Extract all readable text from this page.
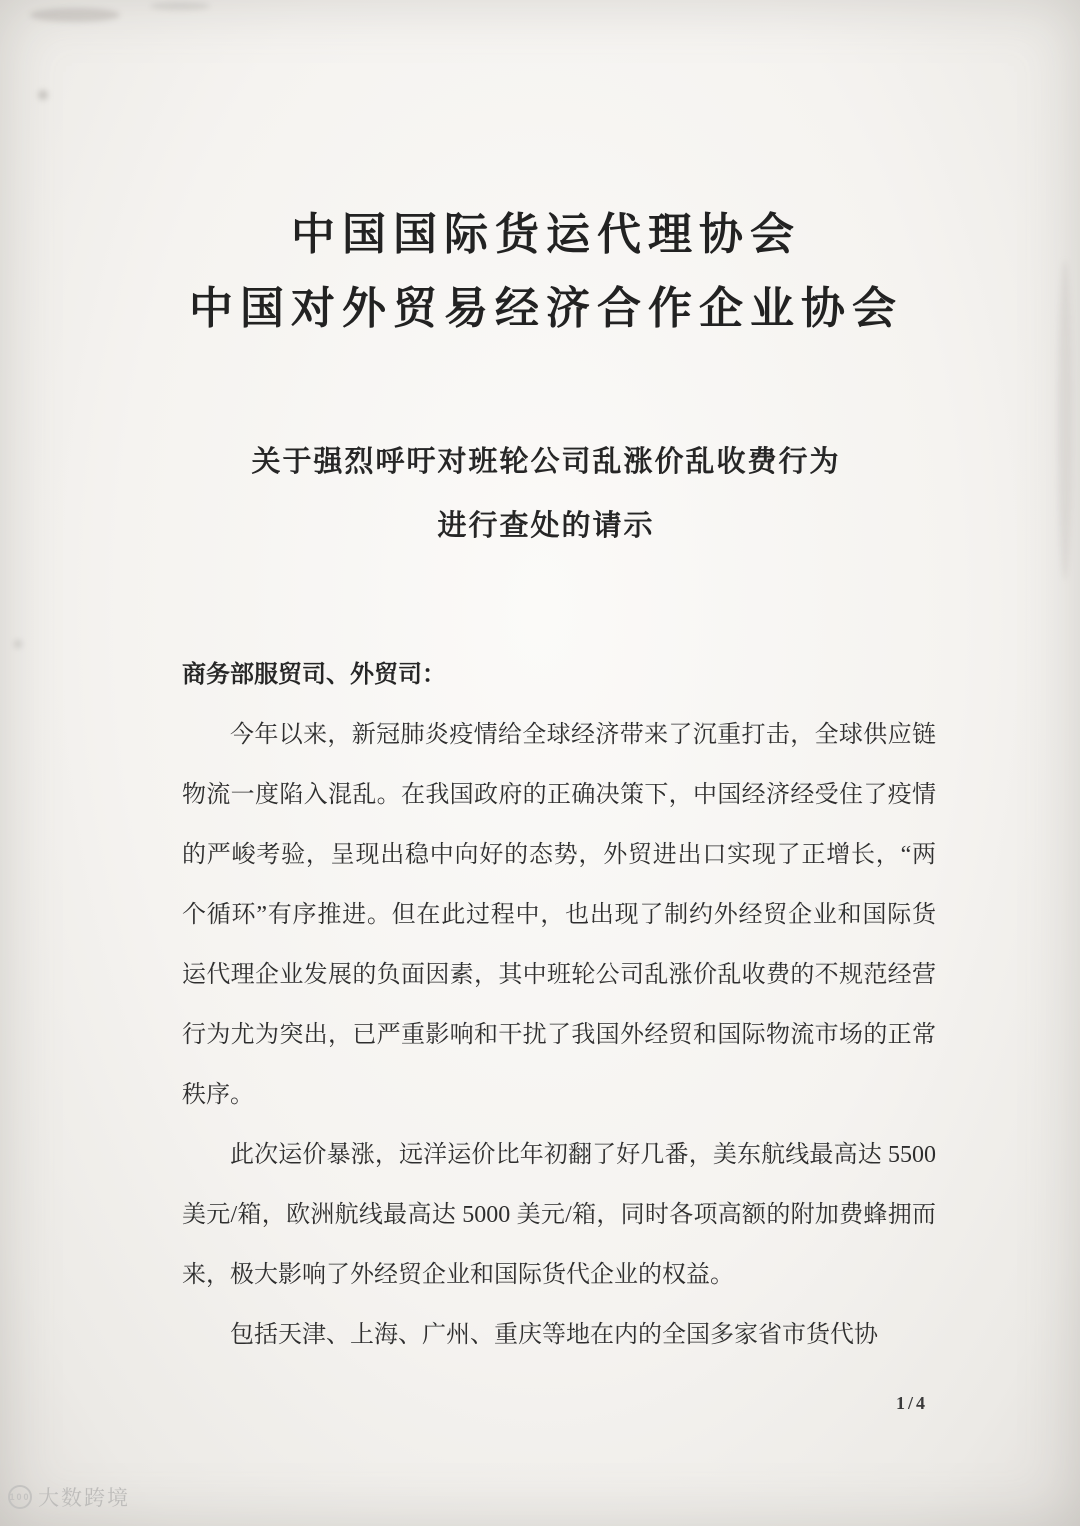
中国国际货运代理协会
中国对外贸易经济合作企业协会
关于强烈呼吁对班轮公司乱涨价乱收费行为
进行查处的请示
商务部服贸司、外贸司：

今年以来，新冠肺炎疫情给全球经济带来了沉重打击，全球供应链物流一度陷入混乱。在我国政府的正确决策下，中国经济经受住了疫情的严峻考验，呈现出稳中向好的态势，外贸进出口实现了正增长，“两个循环”有序推进。但在此过程中，也出现了制约外经贸企业和国际货运代理企业发展的负面因素，其中班轮公司乱涨价乱收费的不规范经营行为尤为突出，已严重影响和干扰了我国外经贸和国际物流市场的正常秩序。

此次运价暴涨，远洋运价比年初翻了好几番，美东航线最高达 5500 美元/箱，欧洲航线最高达 5000 美元/箱，同时各项高额的附加费蜂拥而来，极大影响了外经贸企业和国际货代企业的权益。

包括天津、上海、广州、重庆等地在内的全国多家省市货代协

1/4
100 大数跨境
